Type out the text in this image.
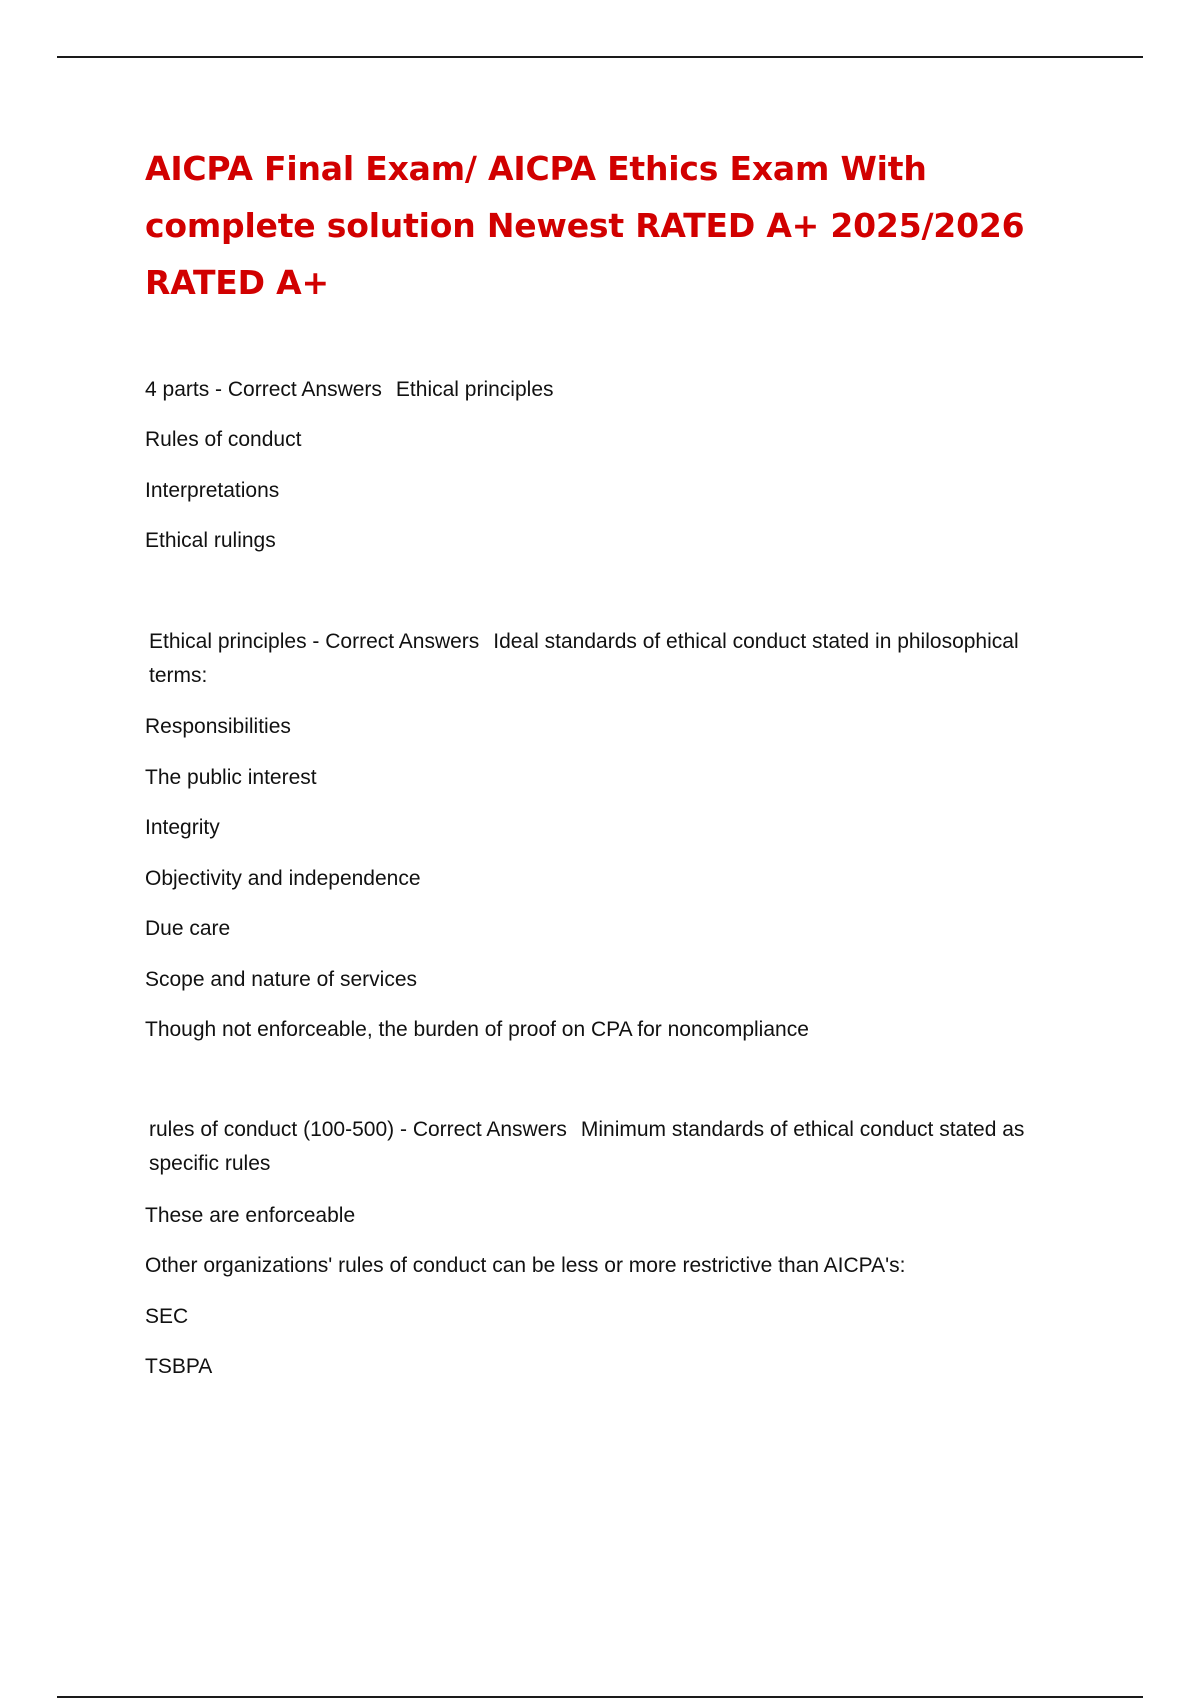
AICPA Final Exam/ AICPA Ethics Exam With complete solution Newest RATED A+ 2025/2026 RATED A+
4 parts - Correct Answers Ethical principles
Rules of conduct
Interpretations
Ethical rulings
Ethical principles - Correct Answers Ideal standards of ethical conduct stated in philosophical terms:
Responsibilities
The public interest
Integrity
Objectivity and independence
Due care
Scope and nature of services
Though not enforceable, the burden of proof on CPA for noncompliance
rules of conduct (100-500) - Correct Answers Minimum standards of ethical conduct stated as specific rules
These are enforceable
Other organizations' rules of conduct can be less or more restrictive than AICPA's:
SEC
TSBPA
